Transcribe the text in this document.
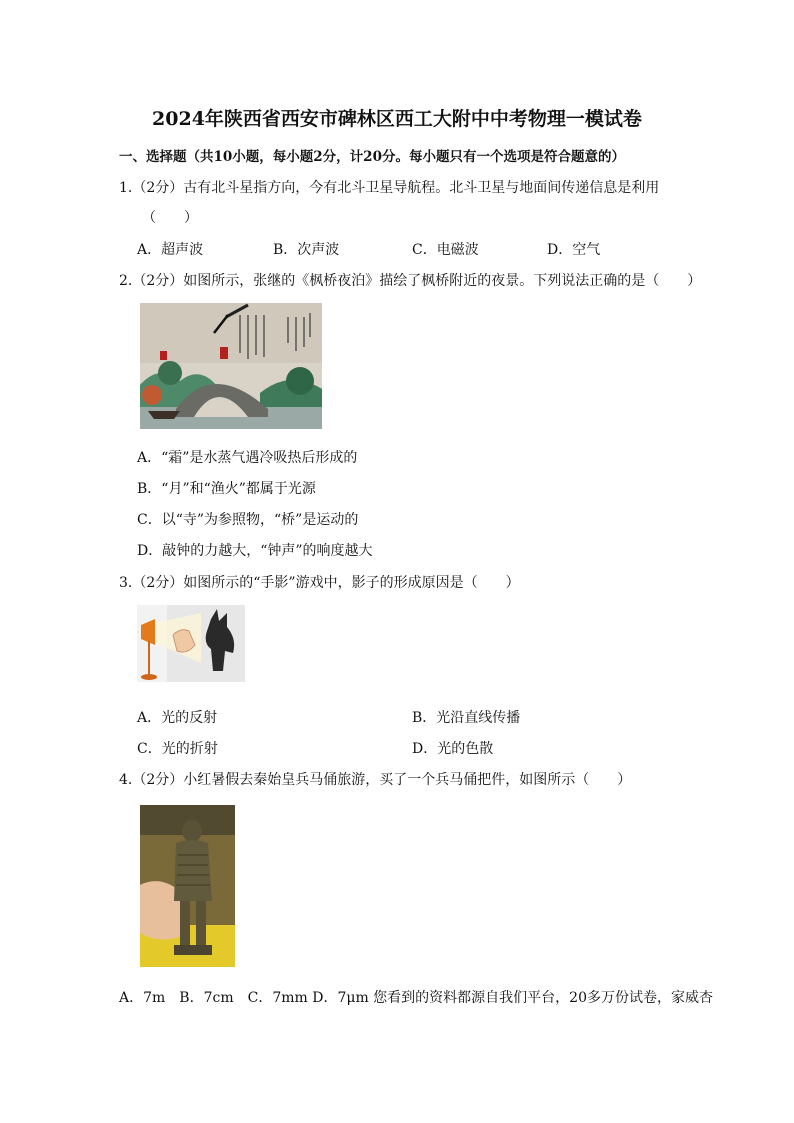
2024年陕西省西安市碑林区西工大附中中考物理一模试卷
一、选择题（共10小题，每小题2分，计20分。每小题只有一个选项是符合题意的）
1.（2分）古有北斗星指方向，今有北斗卫星导航程。北斗卫星与地面间传递信息是利用
（　　）
A．超声波	B．次声波	C．电磁波	D．空气
2.（2分）如图所示，张继的《枫桥夜泊》描绘了枫桥附近的夜景。下列说法正确的是（　　）
A．“霜”是水蒸气遇冷吸热后形成的
B．“月”和“渔火”都属于光源
C．以“寺”为参照物，“桥”是运动的
D．敲钟的力越大，“钟声”的响度越大
3.（2分）如图所示的“手影”游戏中，影子的形成原因是（　　）
A．光的反射	B．光沿直线传播
C．光的折射	D．光的色散
4.（2分）小红暑假去秦始皇兵马俑旅游，买了一个兵马俑把件，如图所示（　　）
A．7m　B．7cm　C．7mm D．7μm 您看到的资料都源自我们平台，20多万份试卷，家威杏
